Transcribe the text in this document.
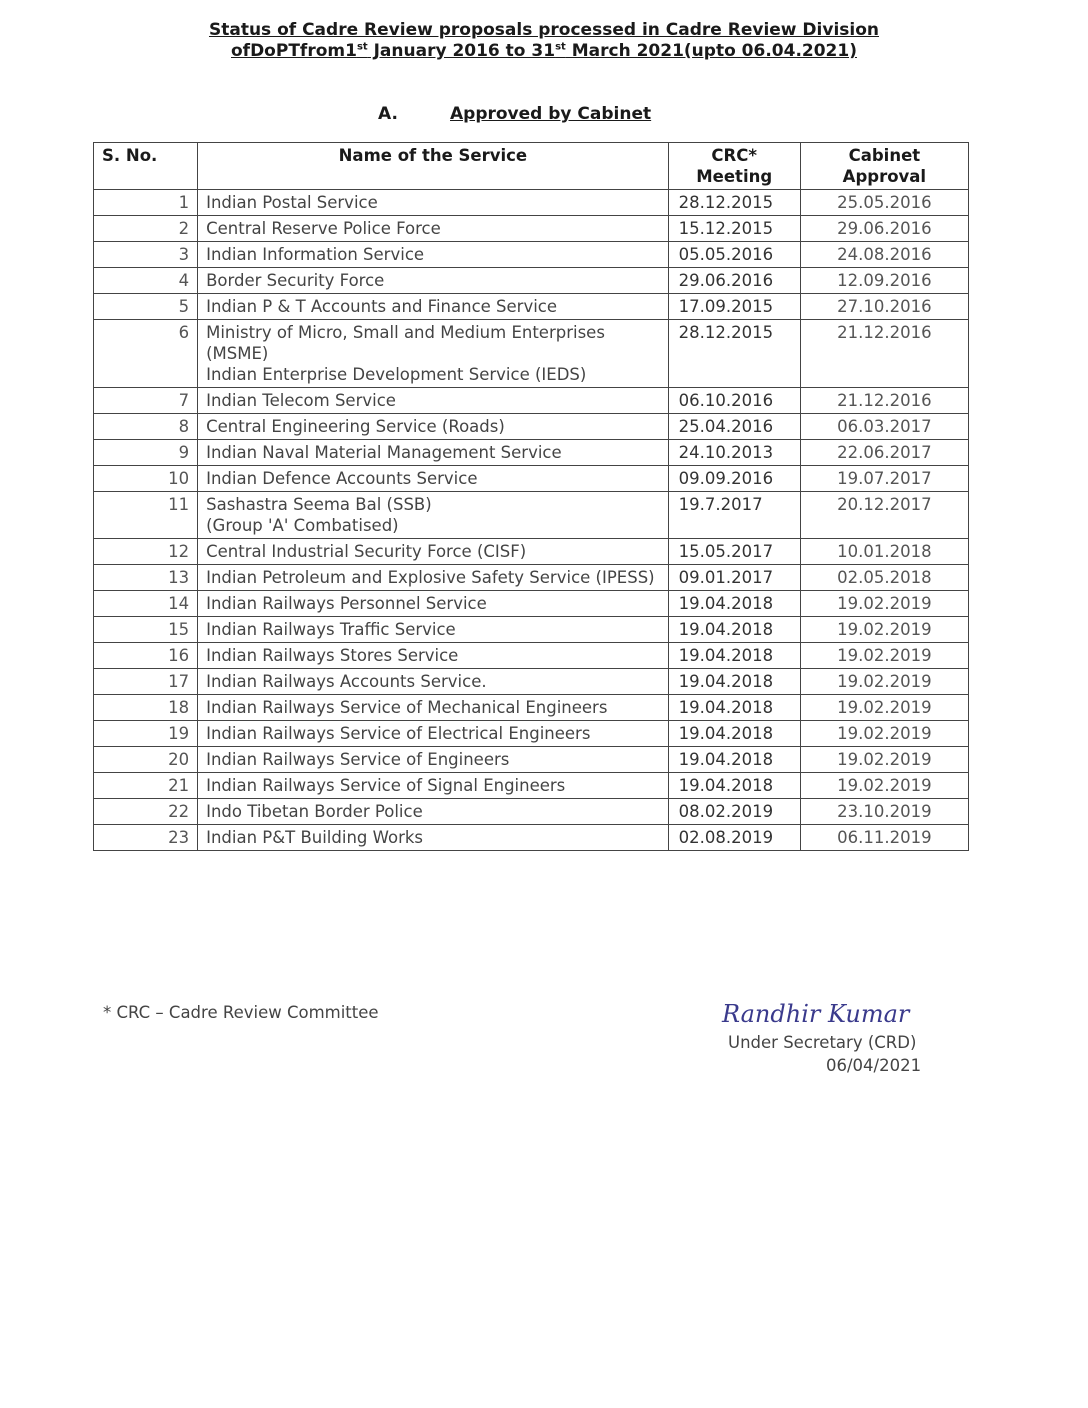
Status of Cadre Review proposals processed in Cadre Review Division
ofDoPTfrom1st January 2016 to 31st March 2021(upto 06.04.2021)
A.	Approved by Cabinet
S. No.	Name of the Service	CRC* Meeting	Cabinet Approval
1	Indian Postal Service	28.12.2015	25.05.2016
2	Central Reserve Police Force	15.12.2015	29.06.2016
3	Indian Information Service	05.05.2016	24.08.2016
4	Border Security Force	29.06.2016	12.09.2016
5	Indian P & T Accounts and Finance Service	17.09.2015	27.10.2016
6	Ministry of Micro, Small and Medium Enterprises (MSME)
Indian Enterprise Development Service (IEDS)	28.12.2015	21.12.2016
7	Indian Telecom Service	06.10.2016	21.12.2016
8	Central Engineering Service (Roads)	25.04.2016	06.03.2017
9	Indian Naval Material Management Service	24.10.2013	22.06.2017
10	Indian Defence Accounts Service	09.09.2016	19.07.2017
11	Sashastra Seema Bal (SSB)
(Group 'A' Combatised)	19.7.2017	20.12.2017
12	Central Industrial Security Force (CISF)	15.05.2017	10.01.2018
13	Indian Petroleum and Explosive Safety Service (IPESS)	09.01.2017	02.05.2018
14	Indian Railways Personnel Service	19.04.2018	19.02.2019
15	Indian Railways Traffic Service	19.04.2018	19.02.2019
16	Indian Railways Stores Service	19.04.2018	19.02.2019
17	Indian Railways Accounts Service.	19.04.2018	19.02.2019
18	Indian Railways Service of Mechanical Engineers	19.04.2018	19.02.2019
19	Indian Railways Service of Electrical Engineers	19.04.2018	19.02.2019
20	Indian Railways Service of Engineers	19.04.2018	19.02.2019
21	Indian Railways Service of Signal Engineers	19.04.2018	19.02.2019
22	Indo Tibetan Border Police	08.02.2019	23.10.2019
23	Indian P&T Building Works	02.08.2019	06.11.2019
* CRC – Cadre Review Committee	Randhir Kumar
Under Secretary (CRD)
06/04/2021
